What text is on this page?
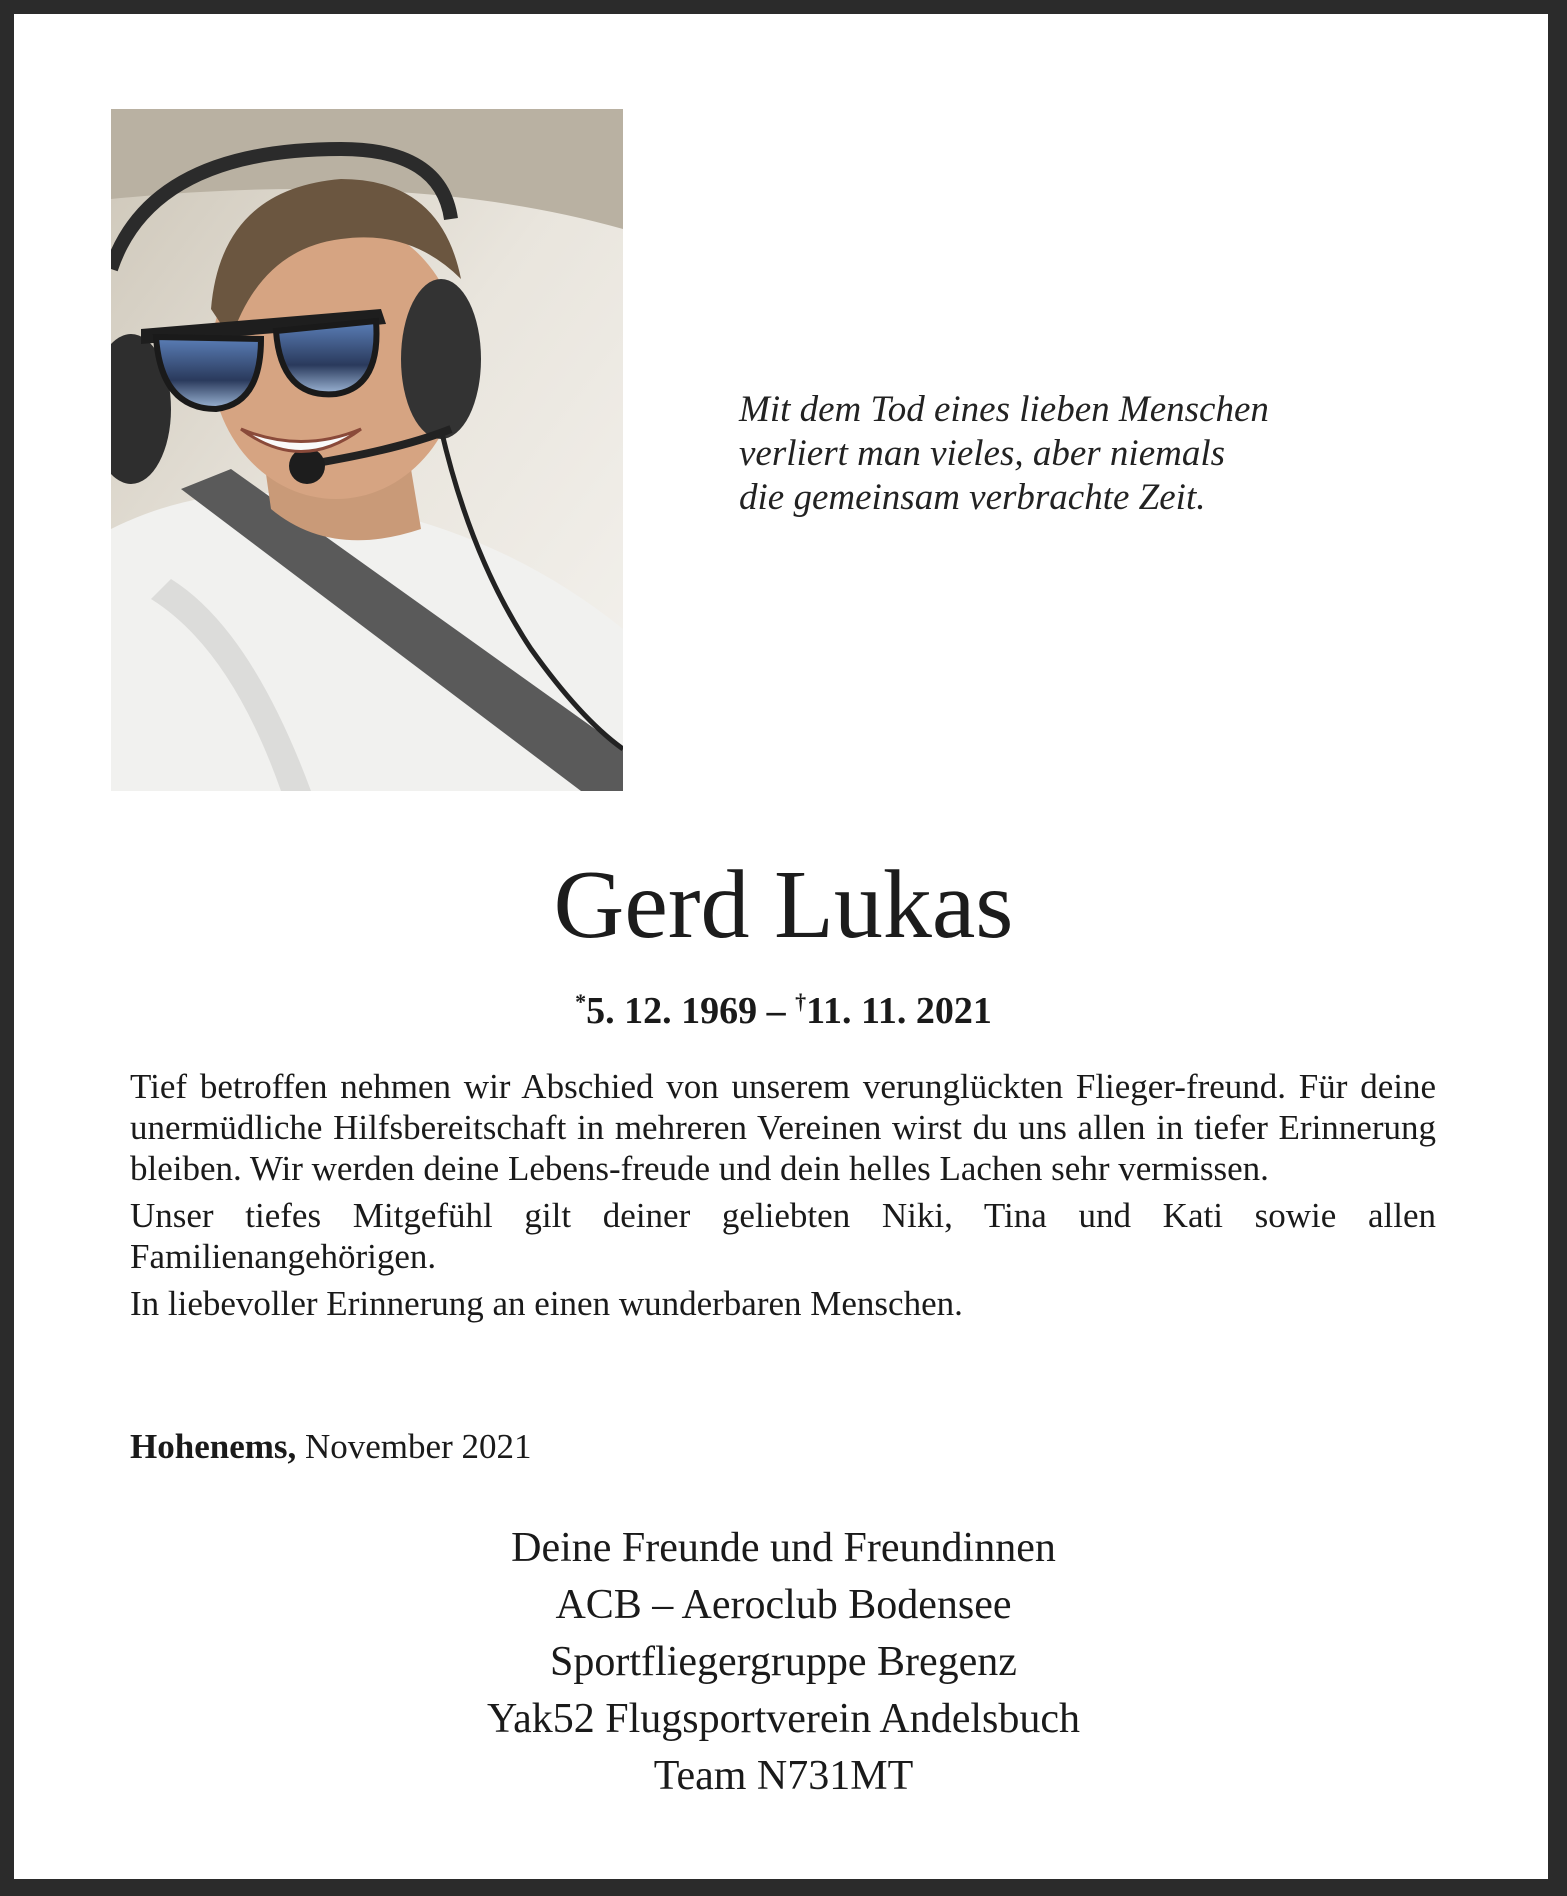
Mit dem Tod eines lieben Menschen
verliert man vieles, aber niemals
die gemeinsam verbrachte Zeit.
Gerd Lukas
*5. 12. 1969 – †11. 11. 2021

Tief betroffen nehmen wir Abschied von unserem verunglückten Flieger-freund. Für deine unermüdliche Hilfsbereitschaft in mehreren Vereinen wirst du uns allen in tiefer Erinnerung bleiben. Wir werden deine Lebens-freude und dein helles Lachen sehr vermissen.

Unser tiefes Mitgefühl gilt deiner geliebten Niki, Tina und Kati sowie allen Familienangehörigen.

In liebevoller Erinnerung an einen wunderbaren Menschen.

Hohenems, November 2021
Deine Freunde und Freundinnen
ACB – Aeroclub Bodensee
Sportfliegergruppe Bregenz
Yak52 Flugsportverein Andelsbuch
Team N731MT
